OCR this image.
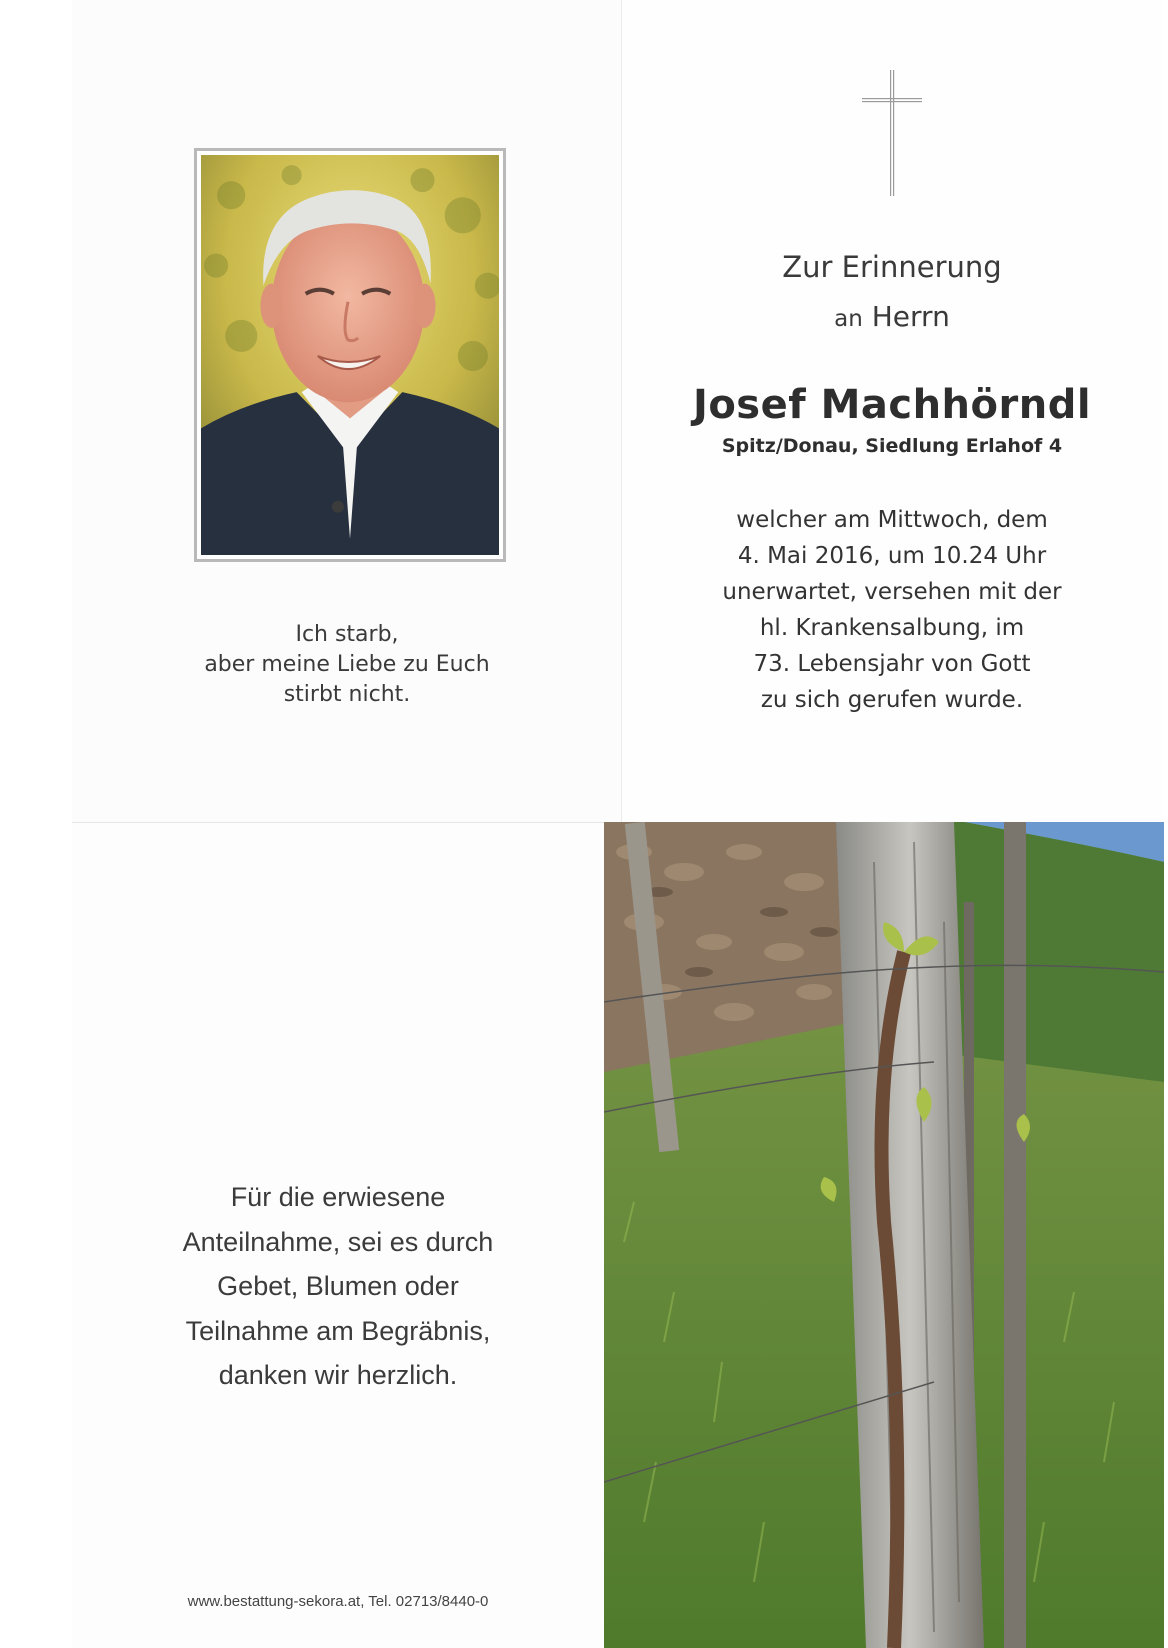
Ich starb,
aber meine Liebe zu Euch
stirbt nicht.
Zur Erinnerung
an Herrn
Josef Machhörndl
Spitz/Donau, Siedlung Erlahof 4
welcher am Mittwoch, dem
4. Mai 2016, um 10.24 Uhr
unerwartet, versehen mit der
hl. Krankensalbung, im
73. Lebensjahr von Gott
zu sich gerufen wurde.
Für die erwiesene
Anteilnahme, sei es durch
Gebet, Blumen oder
Teilnahme am Begräbnis,
danken wir herzlich.
www.bestattung-sekora.at, Tel. 02713/8440-0
